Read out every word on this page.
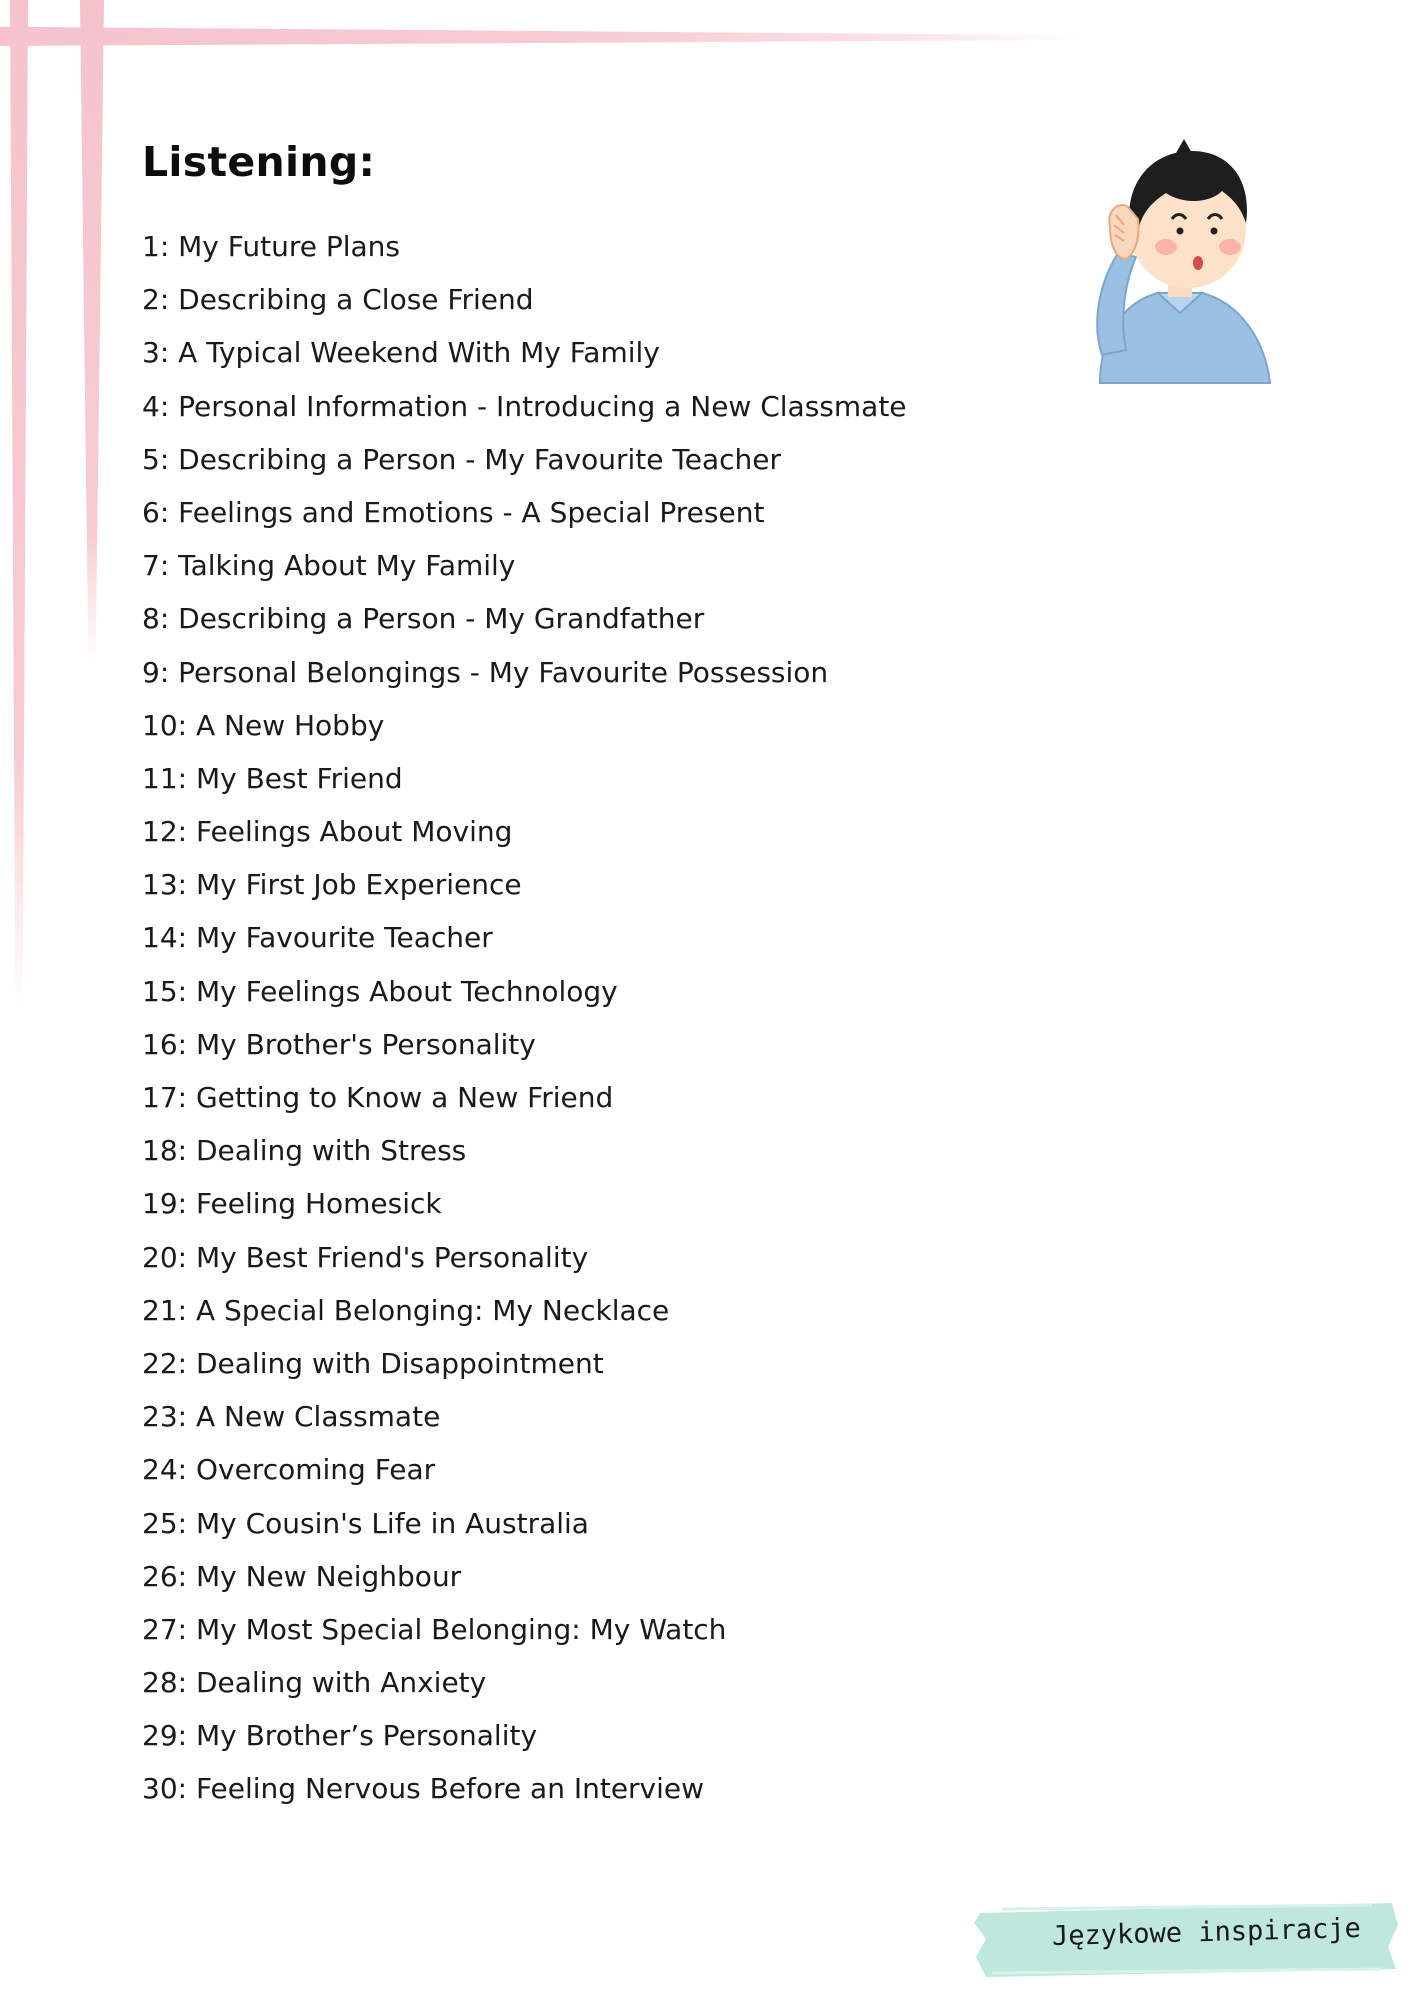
Listening:
1: My Future Plans
2: Describing a Close Friend
3: A Typical Weekend With My Family
4: Personal Information - Introducing a New Classmate
5: Describing a Person - My Favourite Teacher
6: Feelings and Emotions - A Special Present
7: Talking About My Family
8: Describing a Person - My Grandfather
9: Personal Belongings - My Favourite Possession
10: A New Hobby
11: My Best Friend
12: Feelings About Moving
13: My First Job Experience
14: My Favourite Teacher
15: My Feelings About Technology
16: My Brother's Personality
17: Getting to Know a New Friend
18: Dealing with Stress
19: Feeling Homesick
20: My Best Friend's Personality
21: A Special Belonging: My Necklace
22: Dealing with Disappointment
23: A New Classmate
24: Overcoming Fear
25: My Cousin's Life in Australia
26: My New Neighbour
27: My Most Special Belonging: My Watch
28: Dealing with Anxiety
29: My Brother’s Personality
30: Feeling Nervous Before an Interview
Językowe inspiracje
